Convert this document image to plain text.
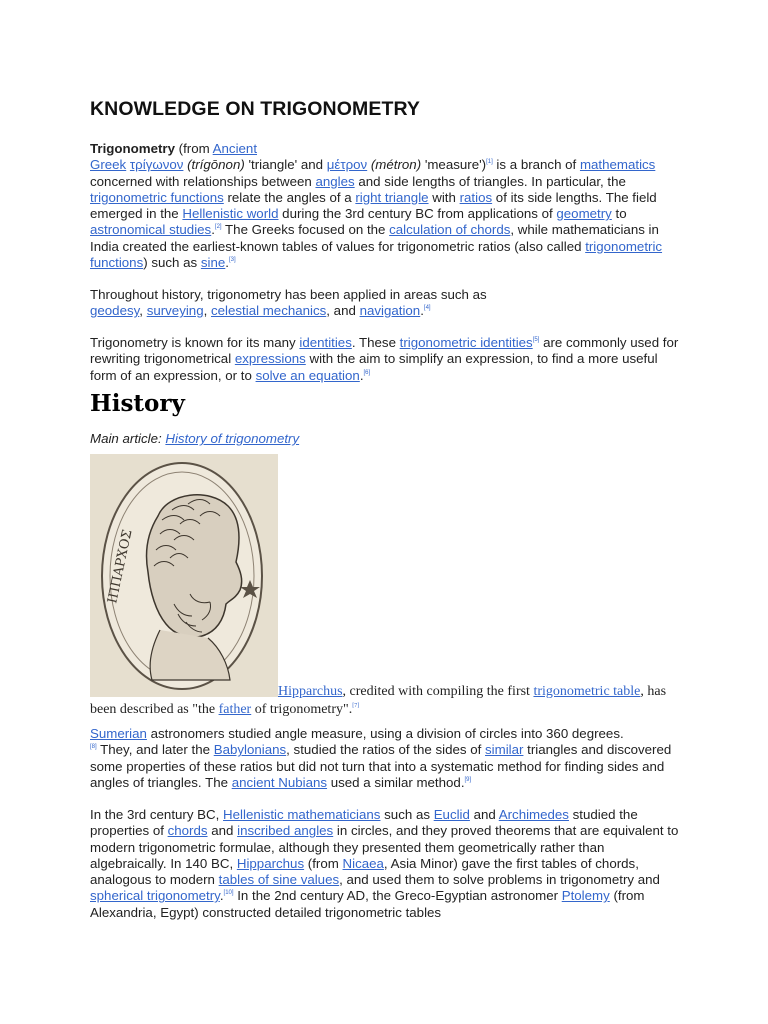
KNOWLEDGE ON TRIGONOMETRY

Trigonometry (from Ancient
Greek τρίγωνον (trígōnon) 'triangle' and μέτρον (métron) 'measure')[1] is a branch of mathematics concerned with relationships between angles and side lengths of triangles. In particular, the trigonometric functions relate the angles of a right triangle with ratios of its side lengths. The field emerged in the Hellenistic world during the 3rd century BC from applications of geometry to astronomical studies.[2] The Greeks focused on the calculation of chords, while mathematicians in India created the earliest-known tables of values for trigonometric ratios (also called trigonometric functions) such as sine.[3]

Throughout history, trigonometry has been applied in areas such as geodesy, surveying, celestial mechanics, and navigation.[4]

Trigonometry is known for its many identities. These trigonometric identities[5] are commonly used for rewriting trigonometrical expressions with the aim to simplify an expression, to find a more useful form of an expression, or to solve an equation.[6]

History
Main article: History of trigonometry
ΙΠΠΑΡΧΟΣ
Hipparchus, credited with compiling the first trigonometric table, has been described as "the father of trigonometry".[7]

Sumerian astronomers studied angle measure, using a division of circles into 360 degrees.
[8] They, and later the Babylonians, studied the ratios of the sides of similar triangles and discovered some properties of these ratios but did not turn that into a systematic method for finding sides and angles of triangles. The ancient Nubians used a similar method.[9]

In the 3rd century BC, Hellenistic mathematicians such as Euclid and Archimedes studied the properties of chords and inscribed angles in circles, and they proved theorems that are equivalent to modern trigonometric formulae, although they presented them geometrically rather than algebraically. In 140 BC, Hipparchus (from Nicaea, Asia Minor) gave the first tables of chords, analogous to modern tables of sine values, and used them to solve problems in trigonometry and spherical trigonometry.[10] In the 2nd century AD, the Greco-Egyptian astronomer Ptolemy (from Alexandria, Egypt) constructed detailed trigonometric tables
